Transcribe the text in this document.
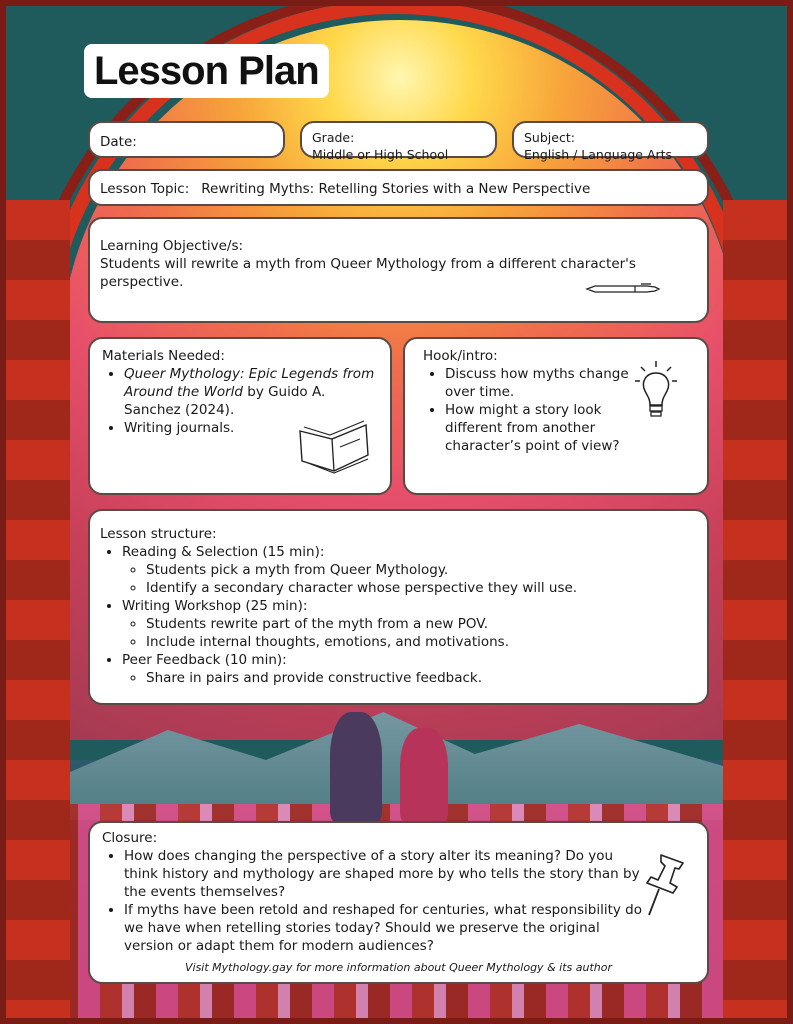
Lesson Plan
Date:	Grade:
Middle or High School
Subject:
English / Language Arts
Lesson Topic: Rewriting Myths: Retelling Stories with a New Perspective
Learning Objective/s:
Students will rewrite a myth from Queer Mythology from a different character's perspective.
Materials Needed:
• Queer Mythology: Epic Legends from Around the World by Guido A. Sanchez (2024).
• Writing journals.
Hook/intro:
• Discuss how myths change over time.
• How might a story look different from another character’s point of view?
Lesson structure:
• Reading & Selection (15 min):
◦ Students pick a myth from Queer Mythology.
◦ Identify a secondary character whose perspective they will use.
• Writing Workshop (25 min):
◦ Students rewrite part of the myth from a new POV.
◦ Include internal thoughts, emotions, and motivations.
• Peer Feedback (10 min):
◦ Share in pairs and provide constructive feedback.
Closure:
• How does changing the perspective of a story alter its meaning? Do you think history and mythology are shaped more by who tells the story than by the events themselves?
• If myths have been retold and reshaped for centuries, what responsibility do we have when retelling stories today? Should we preserve the original version or adapt them for modern audiences?
Visit Mythology.gay for more information about Queer Mythology & its author
